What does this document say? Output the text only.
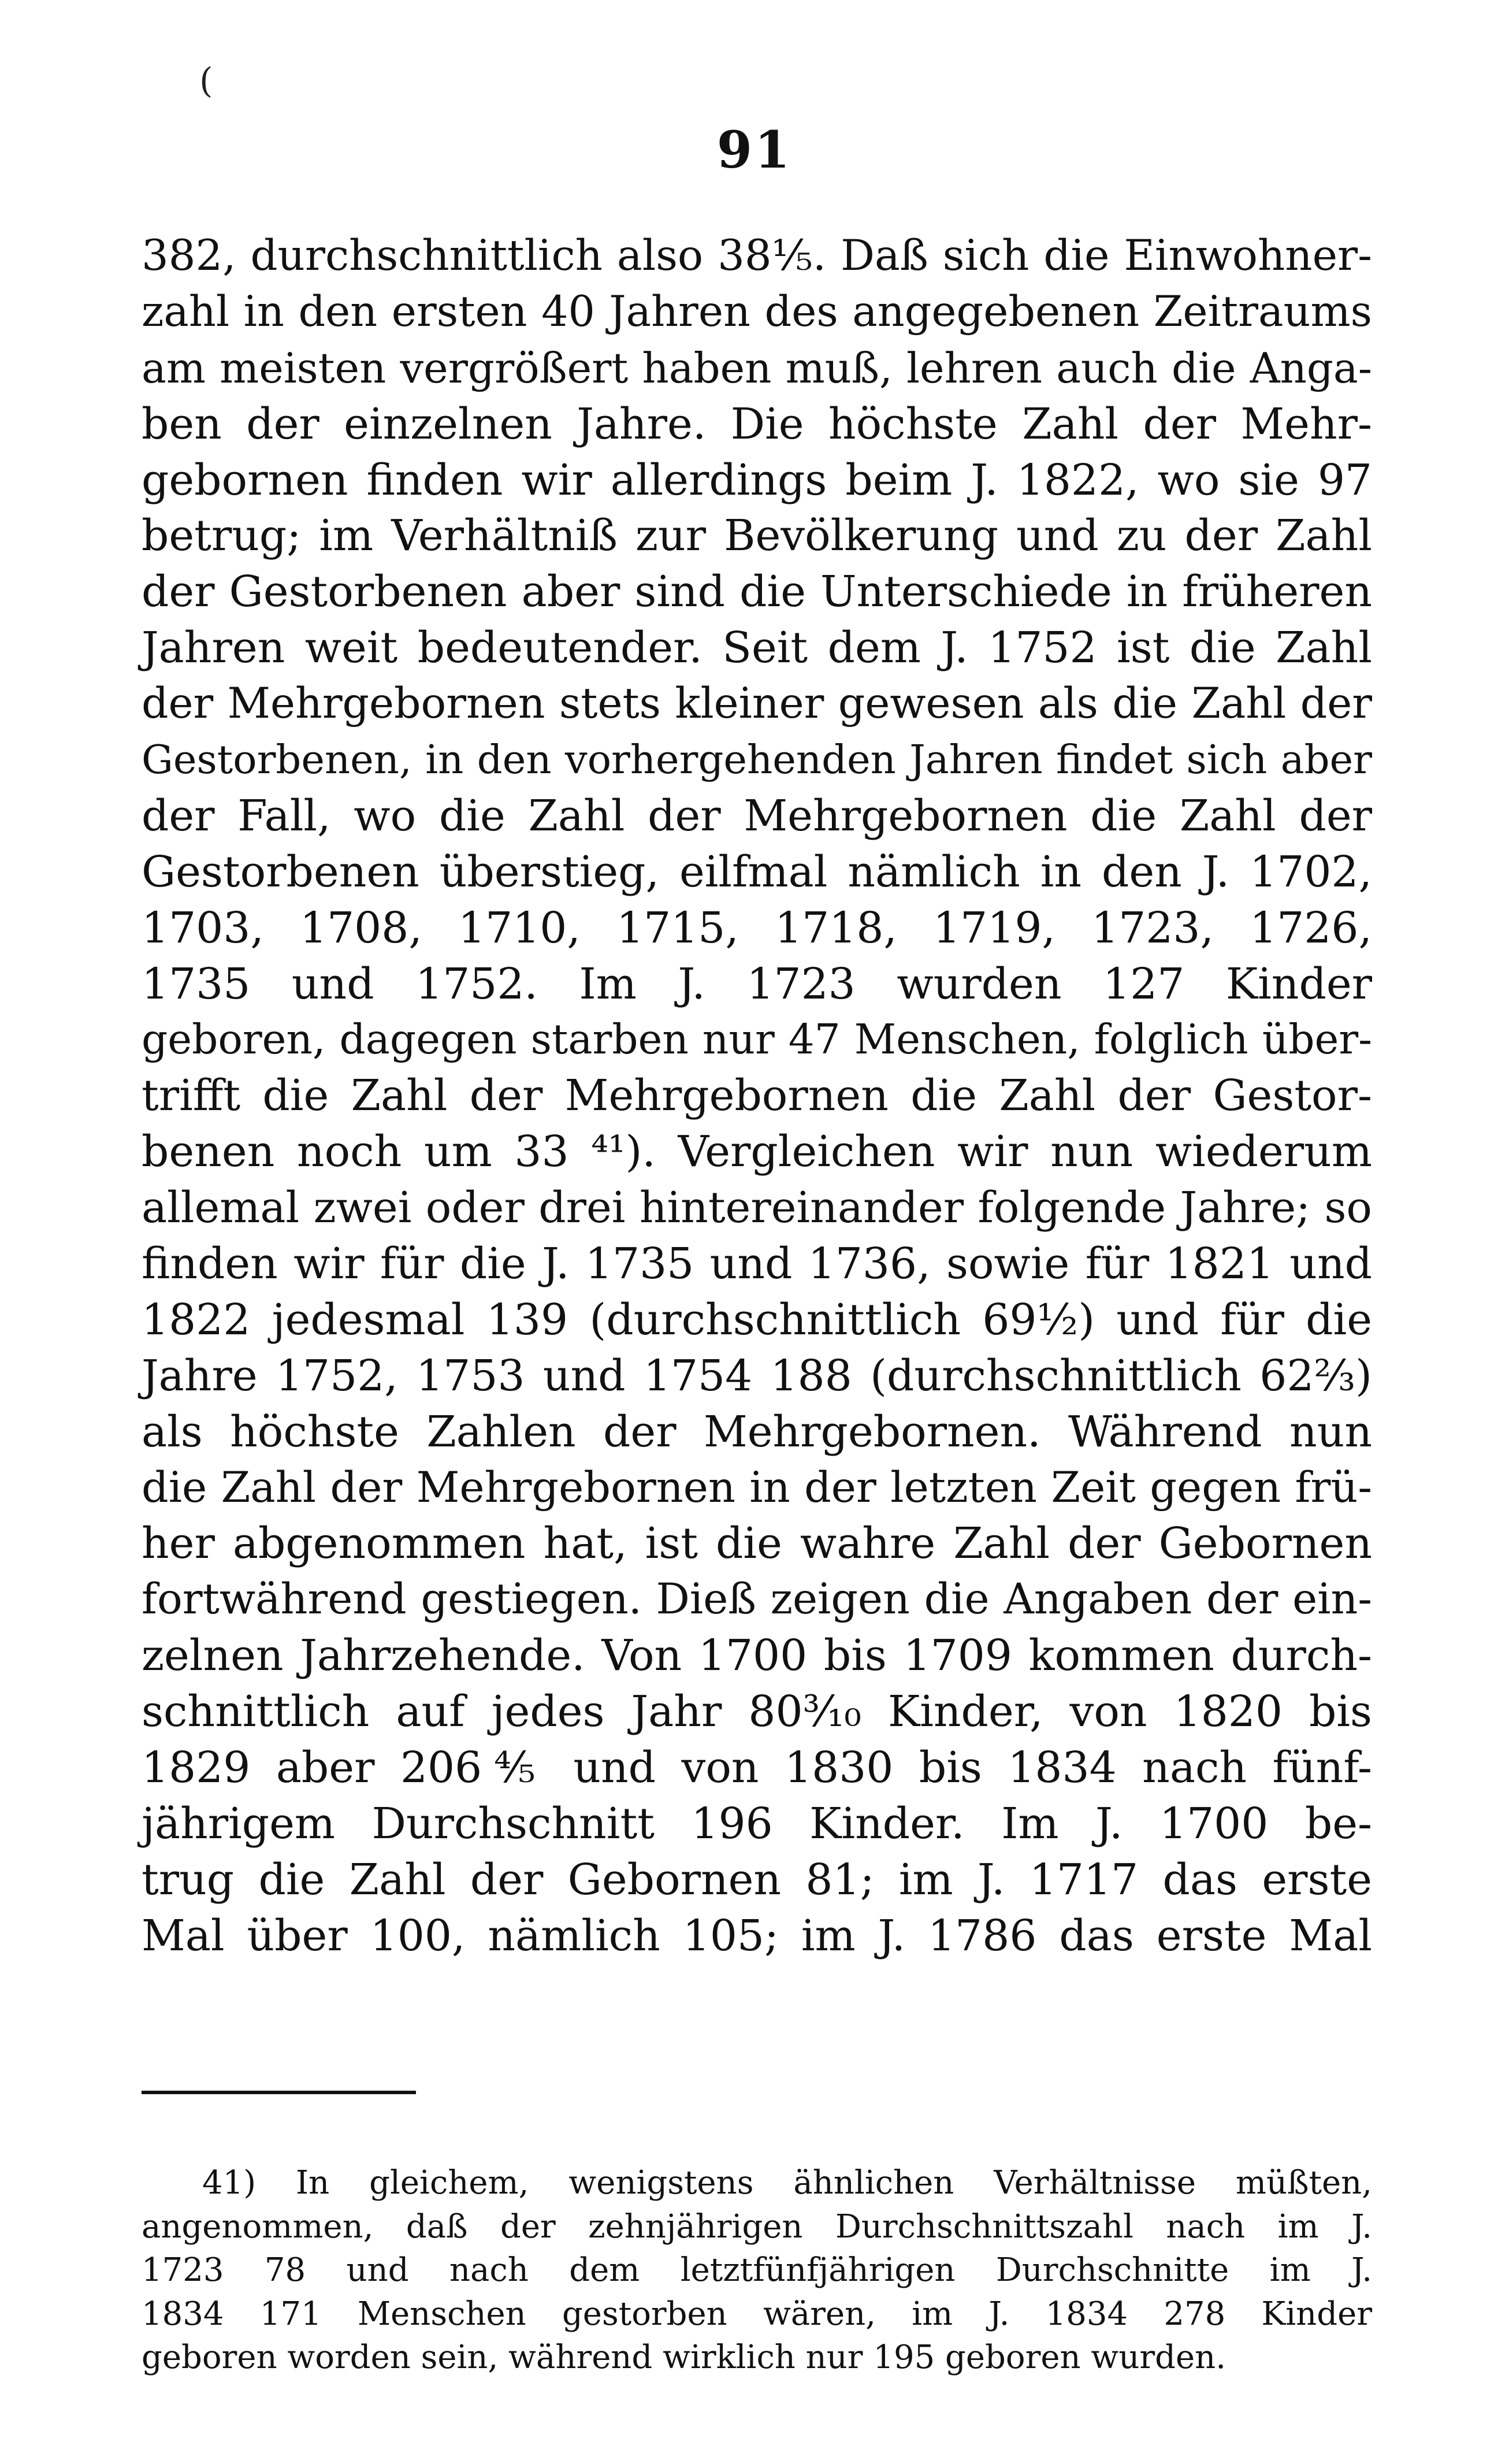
(
91
382, durchschnittlich also 38⅕. Daß sich die Einwohner-
zahl in den ersten 40 Jahren des angegebenen Zeitraums
am meisten vergrößert haben muß, lehren auch die Anga-
ben der einzelnen Jahre. Die höchste Zahl der Mehr-
gebornen finden wir allerdings beim J. 1822, wo sie 97
betrug; im Verhältniß zur Bevölkerung und zu der Zahl
der Gestorbenen aber sind die Unterschiede in früheren
Jahren weit bedeutender. Seit dem J. 1752 ist die Zahl
der Mehrgebornen stets kleiner gewesen als die Zahl der
Gestorbenen, in den vorhergehenden Jahren findet sich aber
der Fall, wo die Zahl der Mehrgebornen die Zahl der
Gestorbenen überstieg, eilfmal nämlich in den J. 1702,
1703, 1708, 1710, 1715, 1718, 1719, 1723, 1726,
1735 und 1752. Im J. 1723 wurden 127 Kinder
geboren, dagegen starben nur 47 Menschen, folglich über-
trifft die Zahl der Mehrgebornen die Zahl der Gestor-
benen noch um 33 ⁴¹). Vergleichen wir nun wiederum
allemal zwei oder drei hintereinander folgende Jahre; so
finden wir für die J. 1735 und 1736, sowie für 1821 und
1822 jedesmal 139 (durchschnittlich 69½) und für die
Jahre 1752, 1753 und 1754 188 (durchschnittlich 62⅔)
als höchste Zahlen der Mehrgebornen. Während nun
die Zahl der Mehrgebornen in der letzten Zeit gegen frü-
her abgenommen hat, ist die wahre Zahl der Gebornen
fortwährend gestiegen. Dieß zeigen die Angaben der ein-
zelnen Jahrzehende. Von 1700 bis 1709 kommen durch-
schnittlich auf jedes Jahr 80³⁄₁₀ Kinder, von 1820 bis
1829 aber 206⅘ und von 1830 bis 1834 nach fünf-
jährigem Durchschnitt 196 Kinder. Im J. 1700 be-
trug die Zahl der Gebornen 81; im J. 1717 das erste
Mal über 100, nämlich 105; im J. 1786 das erste Mal
41) In gleichem, wenigstens ähnlichen Verhältnisse müßten,
angenommen, daß der zehnjährigen Durchschnittszahl nach im J.
1723 78 und nach dem letztfünfjährigen Durchschnitte im J.
1834 171 Menschen gestorben wären, im J. 1834 278 Kinder
geboren worden sein, während wirklich nur 195 geboren wurden.
